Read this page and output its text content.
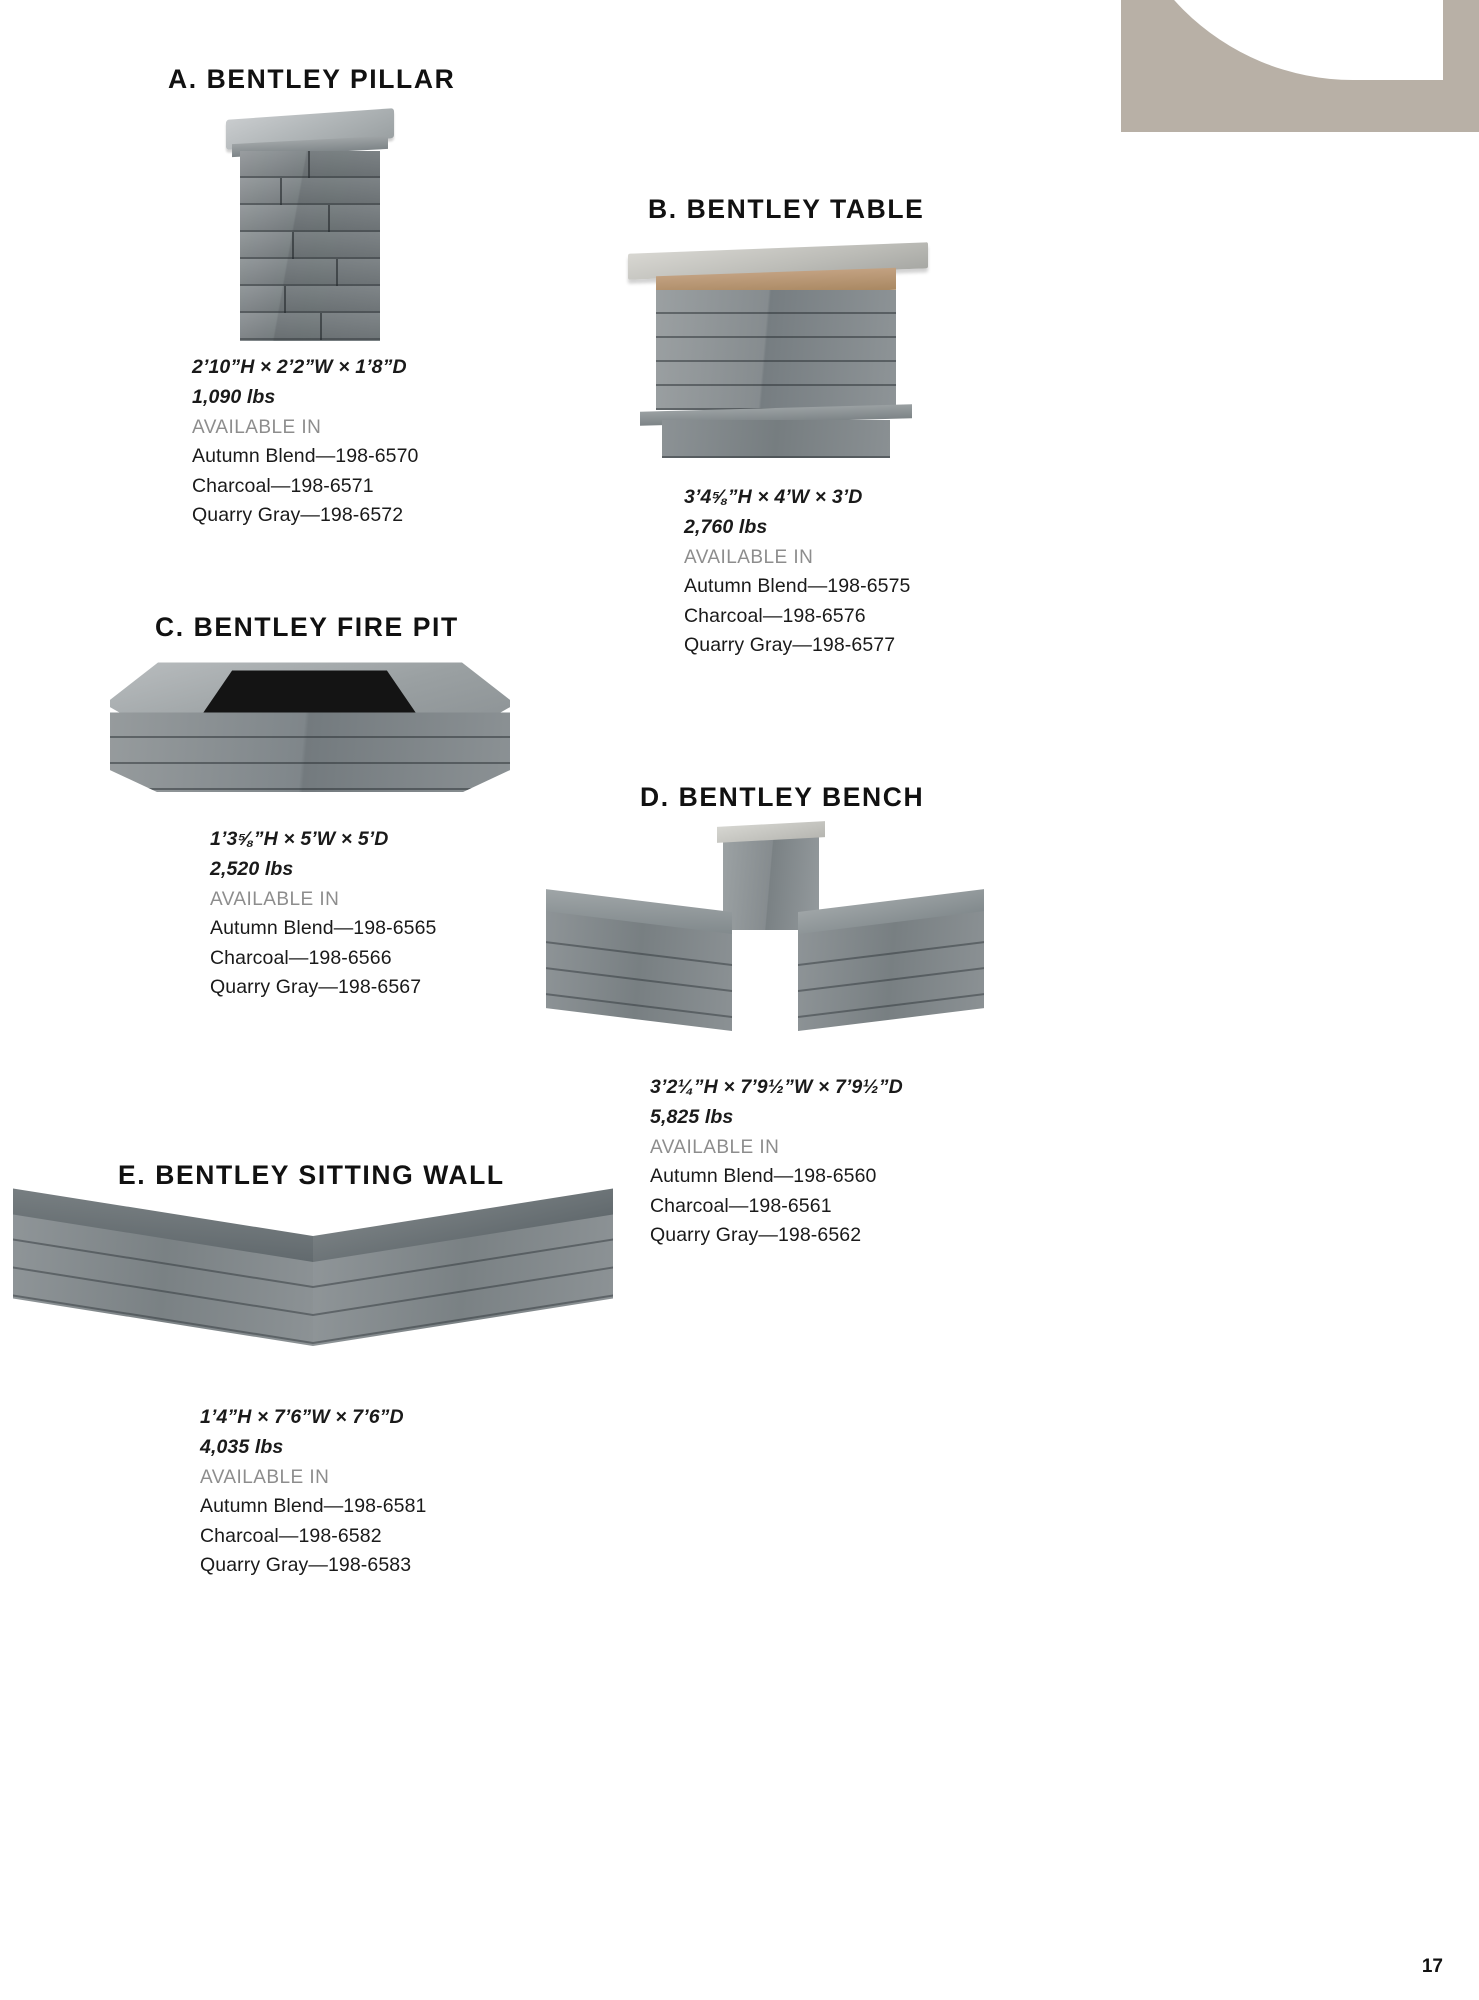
A. BENTLEY PILLAR
2’10”H × 2’2”W × 1’8”D
1,090 lbs
AVAILABLE IN
Autumn Blend—198-6570
Charcoal—198-6571
Quarry Gray—198-6572
B. BENTLEY TABLE
3’4⅝”H × 4’W × 3’D
2,760 lbs
AVAILABLE IN
Autumn Blend—198-6575
Charcoal—198-6576
Quarry Gray—198-6577
C. BENTLEY FIRE PIT
1’3⅝”H × 5’W × 5’D
2,520 lbs
AVAILABLE IN
Autumn Blend—198-6565
Charcoal—198-6566
Quarry Gray—198-6567
D. BENTLEY BENCH
3’2¼”H × 7’9½”W × 7’9½”D
5,825 lbs
AVAILABLE IN
Autumn Blend—198-6560
Charcoal—198-6561
Quarry Gray—198-6562
E. BENTLEY SITTING WALL
1’4”H × 7’6”W × 7’6”D
4,035 lbs
AVAILABLE IN
Autumn Blend—198-6581
Charcoal—198-6582
Quarry Gray—198-6583
17
